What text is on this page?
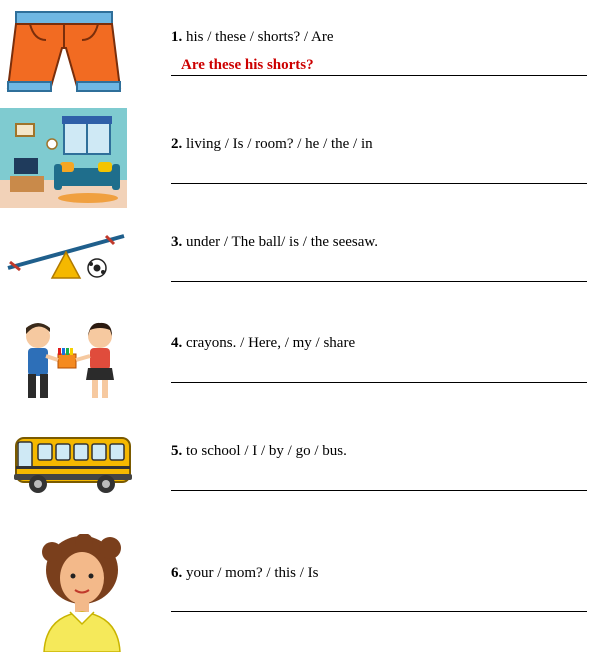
1. his / these / shorts? / Are
Are these his shorts?
2. living / Is / room? / he / the / in
3. under / The ball/ is / the seesaw.
4. crayons. / Here, / my / share
5. to school / I / by / go / bus.
6. your / mom? / this / Is
